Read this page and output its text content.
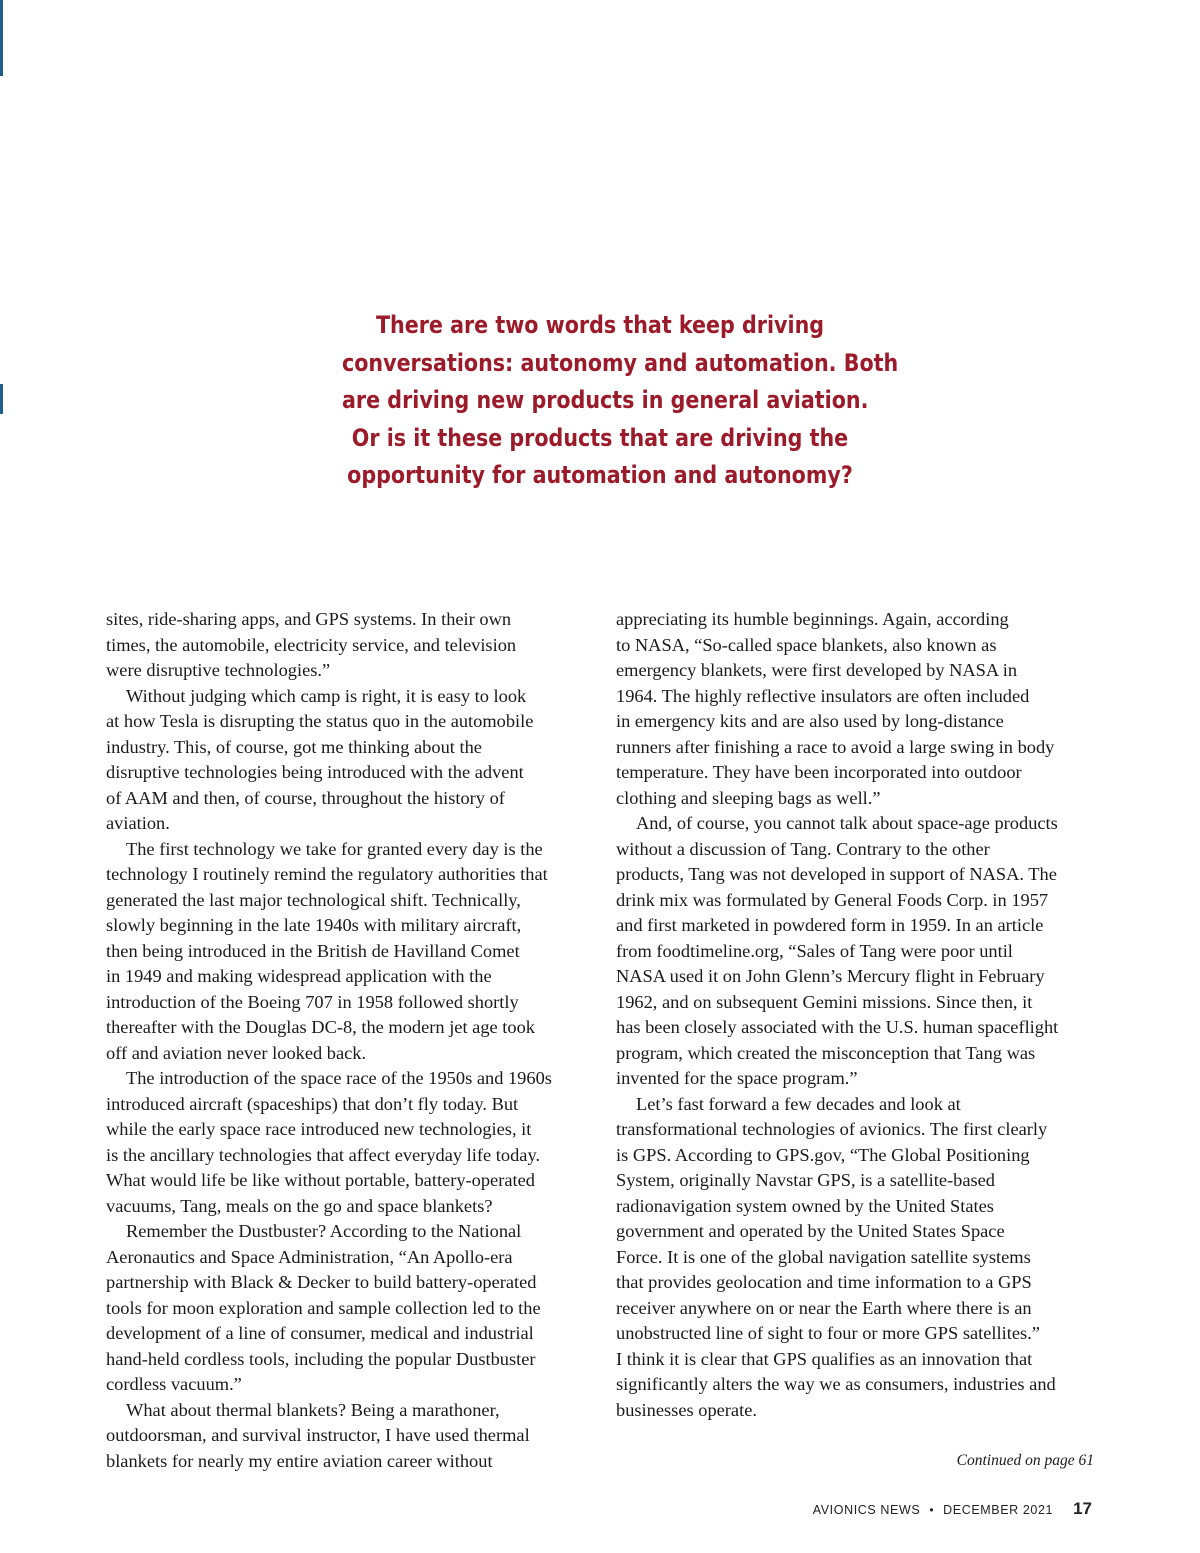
There are two words that keep driving
conversations: autonomy and automation. Both
are driving new products in general aviation.
Or is it these products that are driving the
opportunity for automation and autonomy?

sites, ride-sharing apps, and GPS systems. In their own
times, the automobile, electricity service, and television
were disruptive technologies.”

Without judging which camp is right, it is easy to look
at how Tesla is disrupting the status quo in the automobile
industry. This, of course, got me thinking about the
disruptive technologies being introduced with the advent
of AAM and then, of course, throughout the history of
aviation.

The first technology we take for granted every day is the
technology I routinely remind the regulatory authorities that
generated the last major technological shift. Technically,
slowly beginning in the late 1940s with military aircraft,
then being introduced in the British de Havilland Comet
in 1949 and making widespread application with the
introduction of the Boeing 707 in 1958 followed shortly
thereafter with the Douglas DC-8, the modern jet age took
off and aviation never looked back.

The introduction of the space race of the 1950s and 1960s
introduced aircraft (spaceships) that don’t fly today. But
while the early space race introduced new technologies, it
is the ancillary technologies that affect everyday life today.
What would life be like without portable, battery-operated
vacuums, Tang, meals on the go and space blankets?

Remember the Dustbuster? According to the National
Aeronautics and Space Administration, “An Apollo-era
partnership with Black & Decker to build battery-operated
tools for moon exploration and sample collection led to the
development of a line of consumer, medical and industrial
hand-held cordless tools, including the popular Dustbuster
cordless vacuum.”

What about thermal blankets? Being a marathoner,
outdoorsman, and survival instructor, I have used thermal
blankets for nearly my entire aviation career without

appreciating its humble beginnings. Again, according
to NASA, “So-called space blankets, also known as
emergency blankets, were first developed by NASA in
1964. The highly reflective insulators are often included
in emergency kits and are also used by long-distance
runners after finishing a race to avoid a large swing in body
temperature. They have been incorporated into outdoor
clothing and sleeping bags as well.”

And, of course, you cannot talk about space-age products
without a discussion of Tang. Contrary to the other
products, Tang was not developed in support of NASA. The
drink mix was formulated by General Foods Corp. in 1957
and first marketed in powdered form in 1959. In an article
from foodtimeline.org, “Sales of Tang were poor until
NASA used it on John Glenn’s Mercury flight in February
1962, and on subsequent Gemini missions. Since then, it
has been closely associated with the U.S. human spaceflight
program, which created the misconception that Tang was
invented for the space program.”

Let’s fast forward a few decades and look at
transformational technologies of avionics. The first clearly
is GPS. According to GPS.gov, “The Global Positioning
System, originally Navstar GPS, is a satellite-based
radionavigation system owned by the United States
government and operated by the United States Space
Force. It is one of the global navigation satellite systems
that provides geolocation and time information to a GPS
receiver anywhere on or near the Earth where there is an
unobstructed line of sight to four or more GPS satellites.”
I think it is clear that GPS qualifies as an innovation that
significantly alters the way we as consumers, industries and
businesses operate.

Continued on page 61
AVIONICS NEWS • DECEMBER 2021 17
